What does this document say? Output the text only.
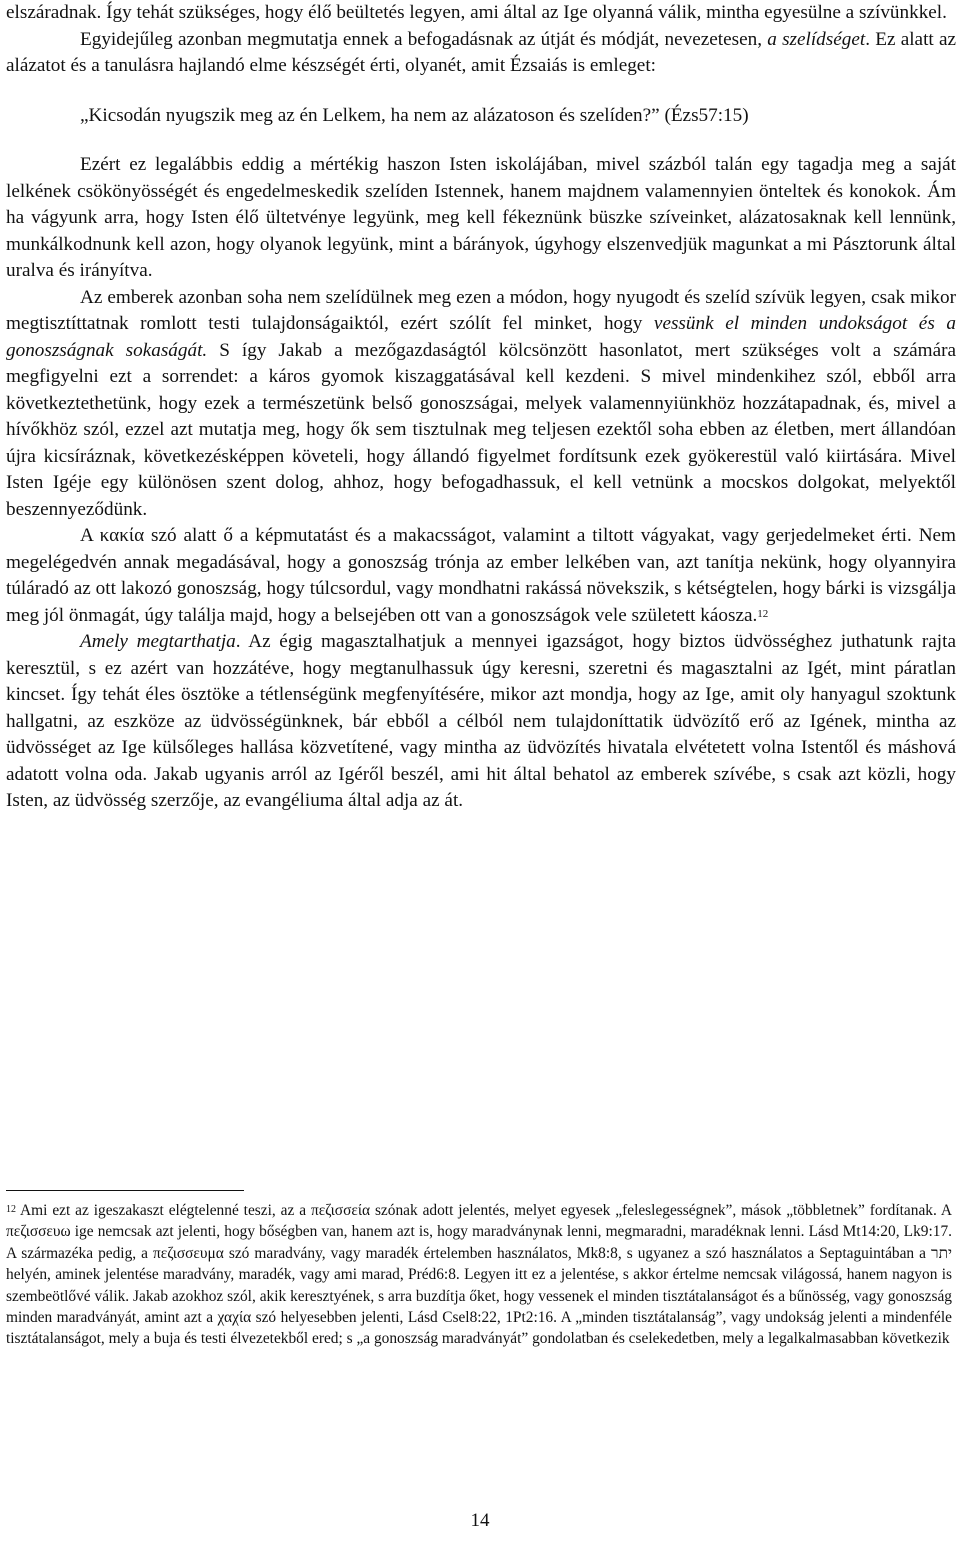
elszáradnak. Így tehát szükséges, hogy élő beültetés legyen, ami által az Ige olyanná válik, mintha egyesülne a szívünkkel.

Egyidejűleg azonban megmutatja ennek a befogadásnak az útját és módját, nevezetesen, a szelídséget. Ez alatt az alázatot és a tanulásra hajlandó elme készségét érti, olyanét, amit Ézsaiás is emleget:

„Kicsodán nyugszik meg az én Lelkem, ha nem az alázatoson és szelíden?” (Ézs57:15)

Ezért ez legalábbis eddig a mértékig haszon Isten iskolájában, mivel százból talán egy tagadja meg a saját lelkének csökönyösségét és engedelmeskedik szelíden Istennek, hanem majdnem valamennyien önteltek és konokok. Ám ha vágyunk arra, hogy Isten élő ültetvénye legyünk, meg kell fékeznünk büszke szíveinket, alázatosaknak kell lennünk, munkálkodnunk kell azon, hogy olyanok legyünk, mint a bárányok, úgyhogy elszenvedjük magunkat a mi Pásztorunk által uralva és irányítva.

Az emberek azonban soha nem szelídülnek meg ezen a módon, hogy nyugodt és szelíd szívük legyen, csak mikor megtisztíttatnak romlott testi tulajdonságaiktól, ezért szólít fel minket, hogy vessünk el minden undokságot és a gonoszságnak sokaságát. S így Jakab a mezőgazdaságtól kölcsönzött hasonlatot, mert szükséges volt a számára megfigyelni ezt a sorrendet: a káros gyomok kiszaggatásával kell kezdeni. S mivel mindenkihez szól, ebből arra következtethetünk, hogy ezek a természetünk belső gonoszságai, melyek valamennyiünkhöz hozzátapadnak, és, mivel a hívőkhöz szól, ezzel azt mutatja meg, hogy ők sem tisztulnak meg teljesen ezektől soha ebben az életben, mert állandóan újra kicsíráznak, következésképpen követeli, hogy állandó figyelmet fordítsunk ezek gyökerestül való kiirtására. Mivel Isten Igéje egy különösen szent dolog, ahhoz, hogy befogadhassuk, el kell vetnünk a mocskos dolgokat, melyektől beszennyeződünk.

A κακία szó alatt ő a képmutatást és a makacsságot, valamint a tiltott vágyakat, vagy gerjedelmeket érti. Nem megelégedvén annak megadásával, hogy a gonoszság trónja az ember lelkében van, azt tanítja nekünk, hogy olyannyira túláradó az ott lakozó gonoszság, hogy túlcsordul, vagy mondhatni rakássá növekszik, s kétségtelen, hogy bárki is vizsgálja meg jól önmagát, úgy találja majd, hogy a belsejében ott van a gonoszságok vele született káosza.$^{12}$

Amely megtarthatja. Az égig magasztalhatjuk a mennyei igazságot, hogy biztos üdvösséghez juthatunk rajta keresztül, s ez azért van hozzátéve, hogy megtanulhassuk úgy keresni, szeretni és magasztalni az Igét, mint páratlan kincset. Így tehát éles ösztöke a tétlenségünk megfenyítésére, mikor azt mondja, hogy az Ige, amit oly hanyagul szoktunk hallgatni, az eszköze az üdvösségünknek, bár ebből a célból nem tulajdoníttatik üdvözítő erő az Igének, mintha az üdvösséget az Ige külsőleges hallása közvetítené, vagy mintha az üdvözítés hivatala elvétetett volna Istentől és máshová adatott volna oda. Jakab ugyanis arról az Igéről beszél, ami hit által behatol az emberek szívébe, s csak azt közli, hogy Isten, az üdvösség szerzője, az evangéliuma által adja az át.

$^{12}$ Ami ezt az igeszakaszt elégtelenné teszi, az a πεζισσεία szónak adott jelentés, melyet egyesek „feleslegességnek”, mások „többletnek” fordítanak. A πεζισσευω ige nemcsak azt jelenti, hogy bőségben van, hanem azt is, hogy maradványnak lenni, megmaradni, maradéknak lenni. Lásd Mt14:20, Lk9:17. A származéka pedig, a πεζισσευμα szó maradvány, vagy maradék értelemben használatos, Mk8:8, s ugyanez a szó használatos a Septaguintában a יתר helyén, aminek jelentése maradvány, maradék, vagy ami marad, Préd6:8. Legyen itt ez a jelentése, s akkor értelme nemcsak világossá, hanem nagyon is szembeötlővé válik. Jakab azokhoz szól, akik keresztyének, s arra buzdítja őket, hogy vessenek el minden tisztátalanságot és a bűnösség, vagy gonoszság minden maradványát, amint azt a χαχία szó helyesebben jelenti, Lásd Csel8:22, 1Pt2:16. A „minden tisztátalanság”, vagy undokság jelenti a mindenféle tisztátalanságot, mely a buja és testi élvezetekből ered; s „a gonoszság maradványát” gondolatban és cselekedetben, mely a legalkalmasabban következik
14
